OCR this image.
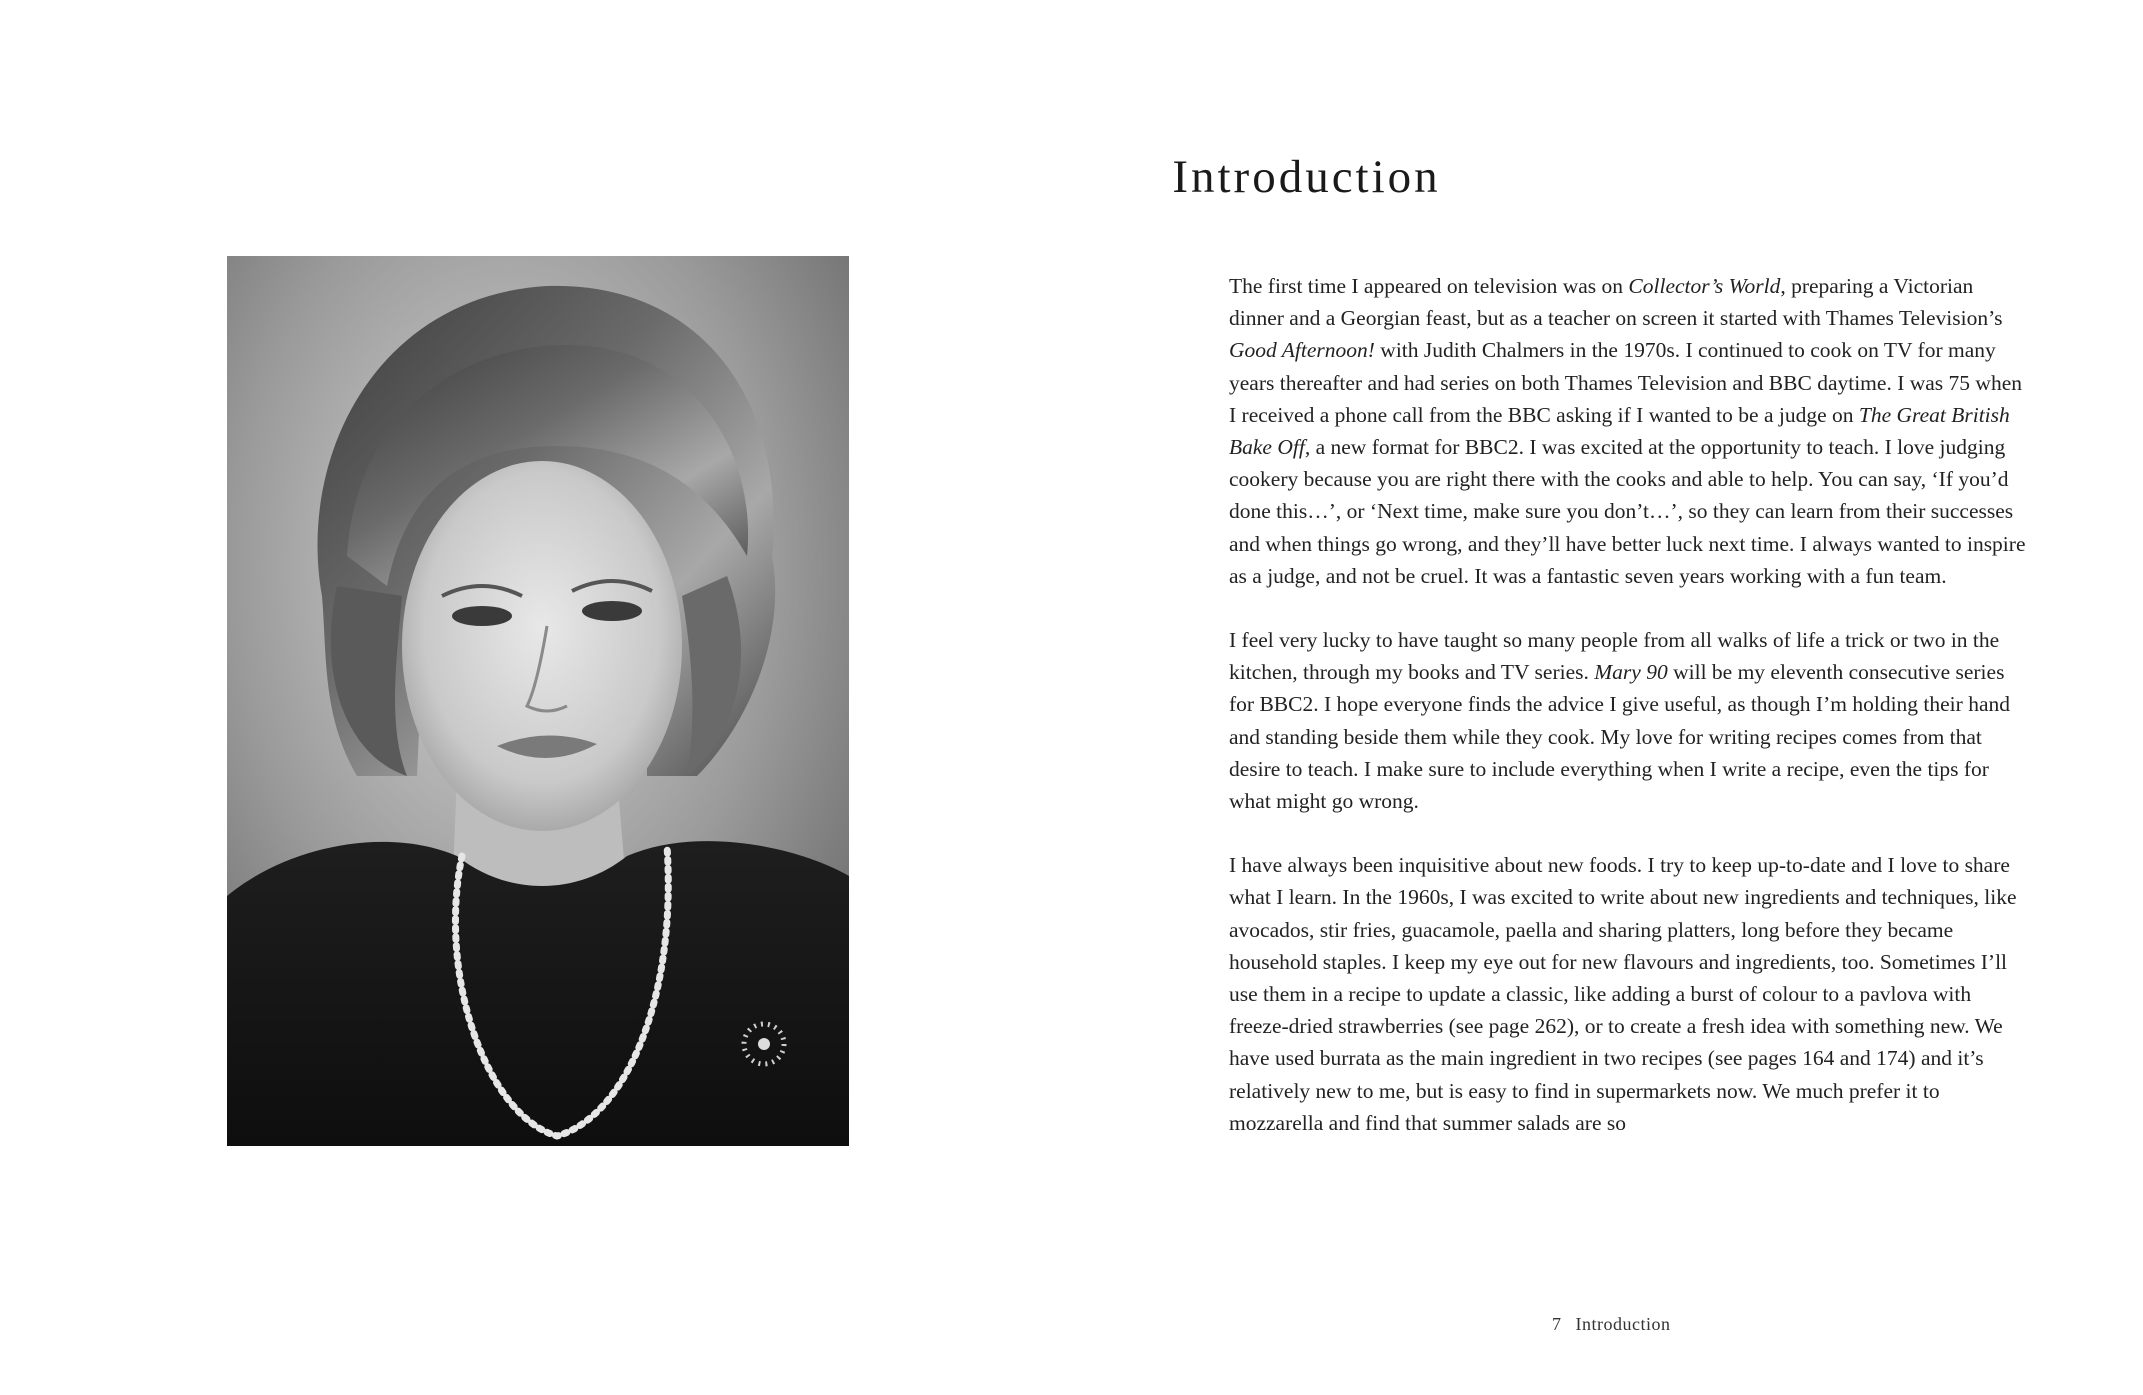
Introduction

The first time I appeared on television was on Collector’s World, preparing a Victorian dinner and a Georgian feast, but as a teacher on screen it started with Thames Television’s Good Afternoon! with Judith Chalmers in the 1970s. I continued to cook on TV for many years thereafter and had series on both Thames Television and BBC daytime. I was 75 when I received a phone call from the BBC asking if I wanted to be a judge on The Great British Bake Off, a new format for BBC2. I was excited at the opportunity to teach. I love judging cookery because you are right there with the cooks and able to help. You can say, ‘If you’d done this…’, or ‘Next time, make sure you don’t…’, so they can learn from their successes and when things go wrong, and they’ll have better luck next time. I always wanted to inspire as a judge, and not be cruel. It was a fantastic seven years working with a fun team.

I feel very lucky to have taught so many people from all walks of life a trick or two in the kitchen, through my books and TV series. Mary 90 will be my eleventh consecutive series for BBC2. I hope everyone finds the advice I give useful, as though I’m holding their hand and standing beside them while they cook. My love for writing recipes comes from that desire to teach. I make sure to include everything when I write a recipe, even the tips for what might go wrong.

I have always been inquisitive about new foods. I try to keep up-to-date and I love to share what I learn. In the 1960s, I was excited to write about new ingredients and techniques, like avocados, stir fries, guacamole, paella and sharing platters, long before they became household staples. I keep my eye out for new flavours and ingredients, too. Sometimes I’ll use them in a recipe to update a classic, like adding a burst of colour to a pavlova with freeze-dried strawberries (see page 262), or to create a fresh idea with something new. We have used burrata as the main ingredient in two recipes (see pages 164 and 174) and it’s relatively new to me, but is easy to find in supermarkets now. We much prefer it to mozzarella and find that summer salads are so

7 Introduction
